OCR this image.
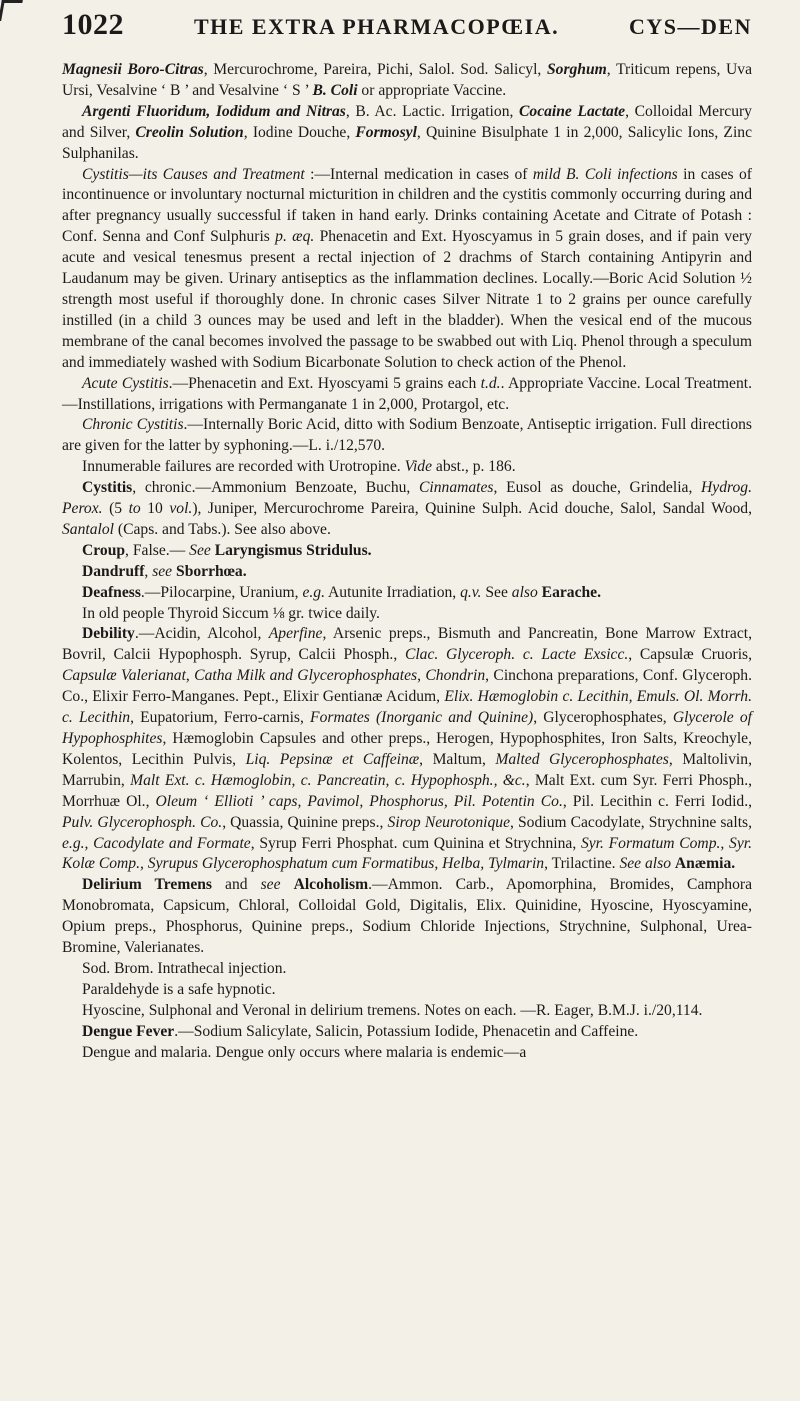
1022	THE EXTRA PHARMACOPŒIA.	CYS—DEN

Magnesii Boro-Citras, Mercurochrome, Pareira, Pichi, Salol. Sod. Salicyl, Sorghum, Triticum repens, Uva Ursi, Vesalvine ‘ B ’ and Vesalvine ‘ S ’ B. Coli or appropriate Vaccine.

Argenti Fluoridum, Iodidum and Nitras, B. Ac. Lactic. Irrigation, Cocaine Lactate, Colloidal Mercury and Silver, Creolin Solution, Iodine Douche, Formosyl, Quinine Bisulphate 1 in 2,000, Salicylic Ions, Zinc Sulphanilas.

Cystitis—its Causes and Treatment :—Internal medication in cases of mild B. Coli infections in cases of incontinuence or involuntary nocturnal micturition in children and the cystitis commonly occurring during and after pregnancy usually successful if taken in hand early. Drinks containing Acetate and Citrate of Potash : Conf. Senna and Conf Sulphuris p. æq. Phenacetin and Ext. Hyoscyamus in 5 grain doses, and if pain very acute and vesical tenesmus present a rectal injection of 2 drachms of Starch containing Antipyrin and Laudanum may be given. Urinary antiseptics as the inflammation declines. Locally.—Boric Acid Solution ½ strength most useful if thoroughly done. In chronic cases Silver Nitrate 1 to 2 grains per ounce carefully instilled (in a child 3 ounces may be used and left in the bladder). When the vesical end of the mucous membrane of the canal becomes involved the passage to be swabbed out with Liq. Phenol through a speculum and immediately washed with Sodium Bicarbonate Solution to check action of the Phenol.

Acute Cystitis.—Phenacetin and Ext. Hyoscyami 5 grains each t.d.. Appropriate Vaccine. Local Treatment.—Instillations, irrigations with Permanganate 1 in 2,000, Protargol, etc.

Chronic Cystitis.—Internally Boric Acid, ditto with Sodium Benzoate, Antiseptic irrigation. Full directions are given for the latter by syphoning.—L. i./12,570.

Innumerable failures are recorded with Urotropine. Vide abst., p. 186.

Cystitis, chronic.—Ammonium Benzoate, Buchu, Cinnamates, Eusol as douche, Grindelia, Hydrog. Perox. (5 to 10 vol.), Juniper, Mercurochrome Pareira, Quinine Sulph. Acid douche, Salol, Sandal Wood, Santalol (Caps. and Tabs.). See also above.

Croup, False.— See Laryngismus Stridulus.

Dandruff, see Sborrhœa.

Deafness.—Pilocarpine, Uranium, e.g. Autunite Irradiation, q.v. See also Earache.

In old people Thyroid Siccum ⅛ gr. twice daily.

Debility.—Acidin, Alcohol, Aperfine, Arsenic preps., Bismuth and Pancreatin, Bone Marrow Extract, Bovril, Calcii Hypophosph. Syrup, Calcii Phosph., Clac. Glyceroph. c. Lacte Exsicc., Capsulæ Cruoris, Capsulæ Valerianat, Catha Milk and Glycerophosphates, Chondrin, Cinchona preparations, Conf. Glyceroph. Co., Elixir Ferro-Manganes. Pept., Elixir Gentianæ Acidum, Elix. Hæmoglobin c. Lecithin, Emuls. Ol. Morrh. c. Lecithin, Eupatorium, Ferro-carnis, Formates (Inorganic and Quinine), Glycerophosphates, Glycerole of Hypophosphites, Hæmoglobin Capsules and other preps., Herogen, Hypophosphites, Iron Salts, Kreochyle, Kolentos, Lecithin Pulvis, Liq. Pepsinæ et Caffeinæ, Maltum, Malted Glycerophosphates, Maltolivin, Marrubin, Malt Ext. c. Hæmoglobin, c. Pancreatin, c. Hypophosph., &c., Malt Ext. cum Syr. Ferri Phosph., Morrhuæ Ol., Oleum ‘ Ellioti ’ caps, Pavimol, Phosphorus, Pil. Potentin Co., Pil. Lecithin c. Ferri Iodid., Pulv. Glycerophosph. Co., Quassia, Quinine preps., Sirop Neurotonique, Sodium Cacodylate, Strychnine salts, e.g., Cacodylate and Formate, Syrup Ferri Phosphat. cum Quinina et Strychnina, Syr. Formatum Comp., Syr. Kolæ Comp., Syrupus Glycerophosphatum cum Formatibus, Helba, Tylmarin, Trilactine. See also Anæmia.

Delirium Tremens and see Alcoholism.—Ammon. Carb., Apomorphina, Bromides, Camphora Monobromata, Capsicum, Chloral, Colloidal Gold, Digitalis, Elix. Quinidine, Hyoscine, Hyoscyamine, Opium preps., Phosphorus, Quinine preps., Sodium Chloride Injections, Strychnine, Sulphonal, Urea-Bromine, Valerianates.

Sod. Brom. Intrathecal injection.

Paraldehyde is a safe hypnotic.

Hyoscine, Sulphonal and Veronal in delirium tremens. Notes on each. —R. Eager, B.M.J. i./20,114.

Dengue Fever.—Sodium Salicylate, Salicin, Potassium Iodide, Phenacetin and Caffeine.

Dengue and malaria. Dengue only occurs where malaria is endemic—a
